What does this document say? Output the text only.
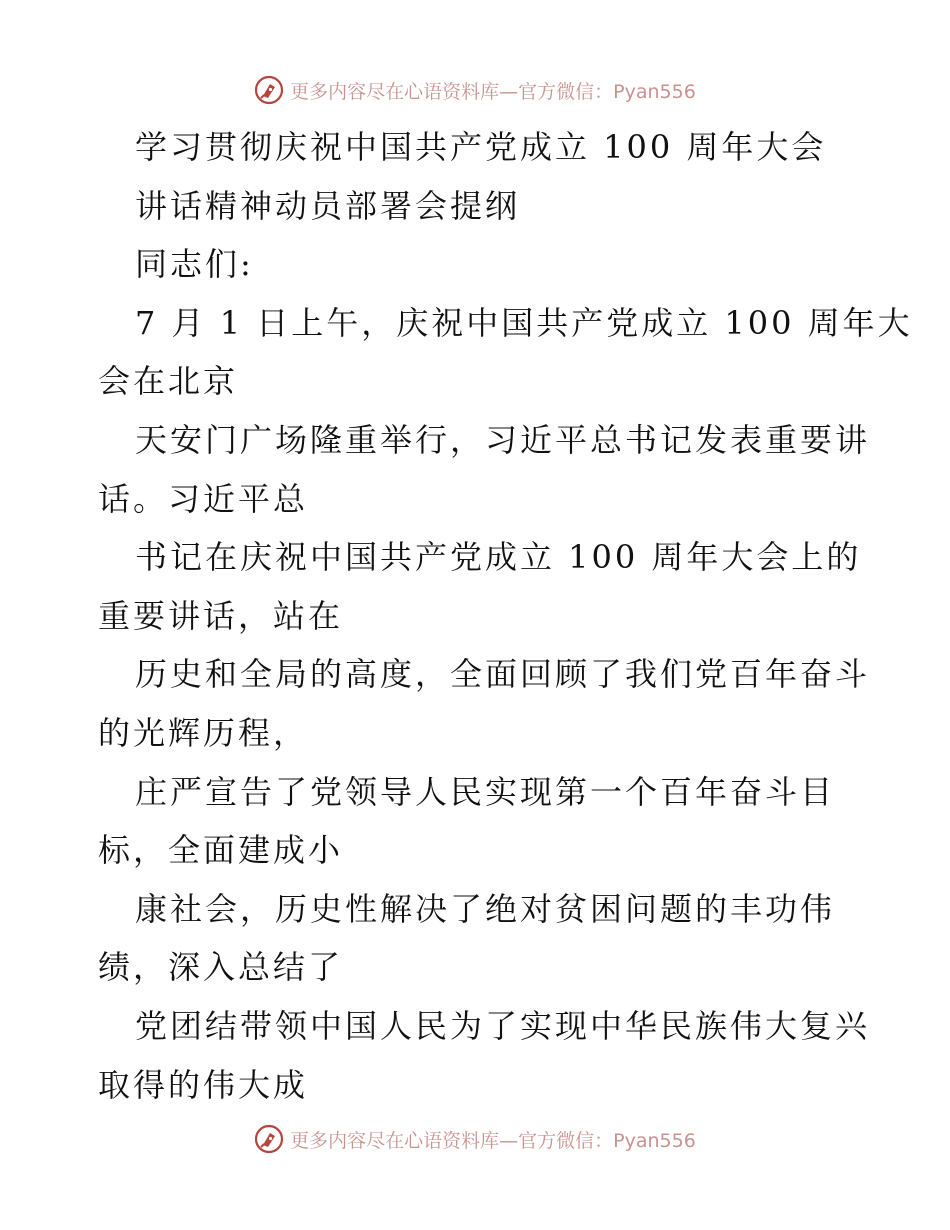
更多内容尽在心语资料库—官方微信：Pyan556
学习贯彻庆祝中国共产党成立 100 周年大会
讲话精神动员部署会提纲
同志们:
7 月 1 日上午，庆祝中国共产党成立 100 周年大
会在北京
天安门广场隆重举行，习近平总书记发表重要讲
话。习近平总
书记在庆祝中国共产党成立 100 周年大会上的
重要讲话，站在
历史和全局的高度，全面回顾了我们党百年奋斗
的光辉历程，
庄严宣告了党领导人民实现第一个百年奋斗目
标，全面建成小
康社会，历史性解决了绝对贫困问题的丰功伟
绩，深入总结了
党团结带领中国人民为了实现中华民族伟大复兴
取得的伟大成
更多内容尽在心语资料库—官方微信：Pyan556
